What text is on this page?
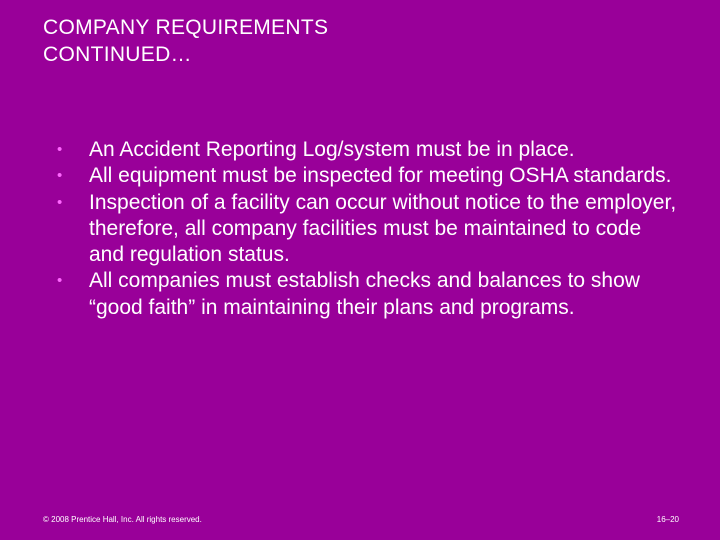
COMPANY REQUIREMENTS
CONTINUED…
•	An Accident Reporting Log/system must be in place.
•	All equipment must be inspected for meeting OSHA standards.
•	Inspection of a facility can occur without notice to the employer, therefore, all company facilities must be maintained to code and regulation status.
•	All companies must establish checks and balances to show “good faith” in maintaining their plans and programs.
© 2008 Prentice Hall, Inc. All rights reserved.	16–20
